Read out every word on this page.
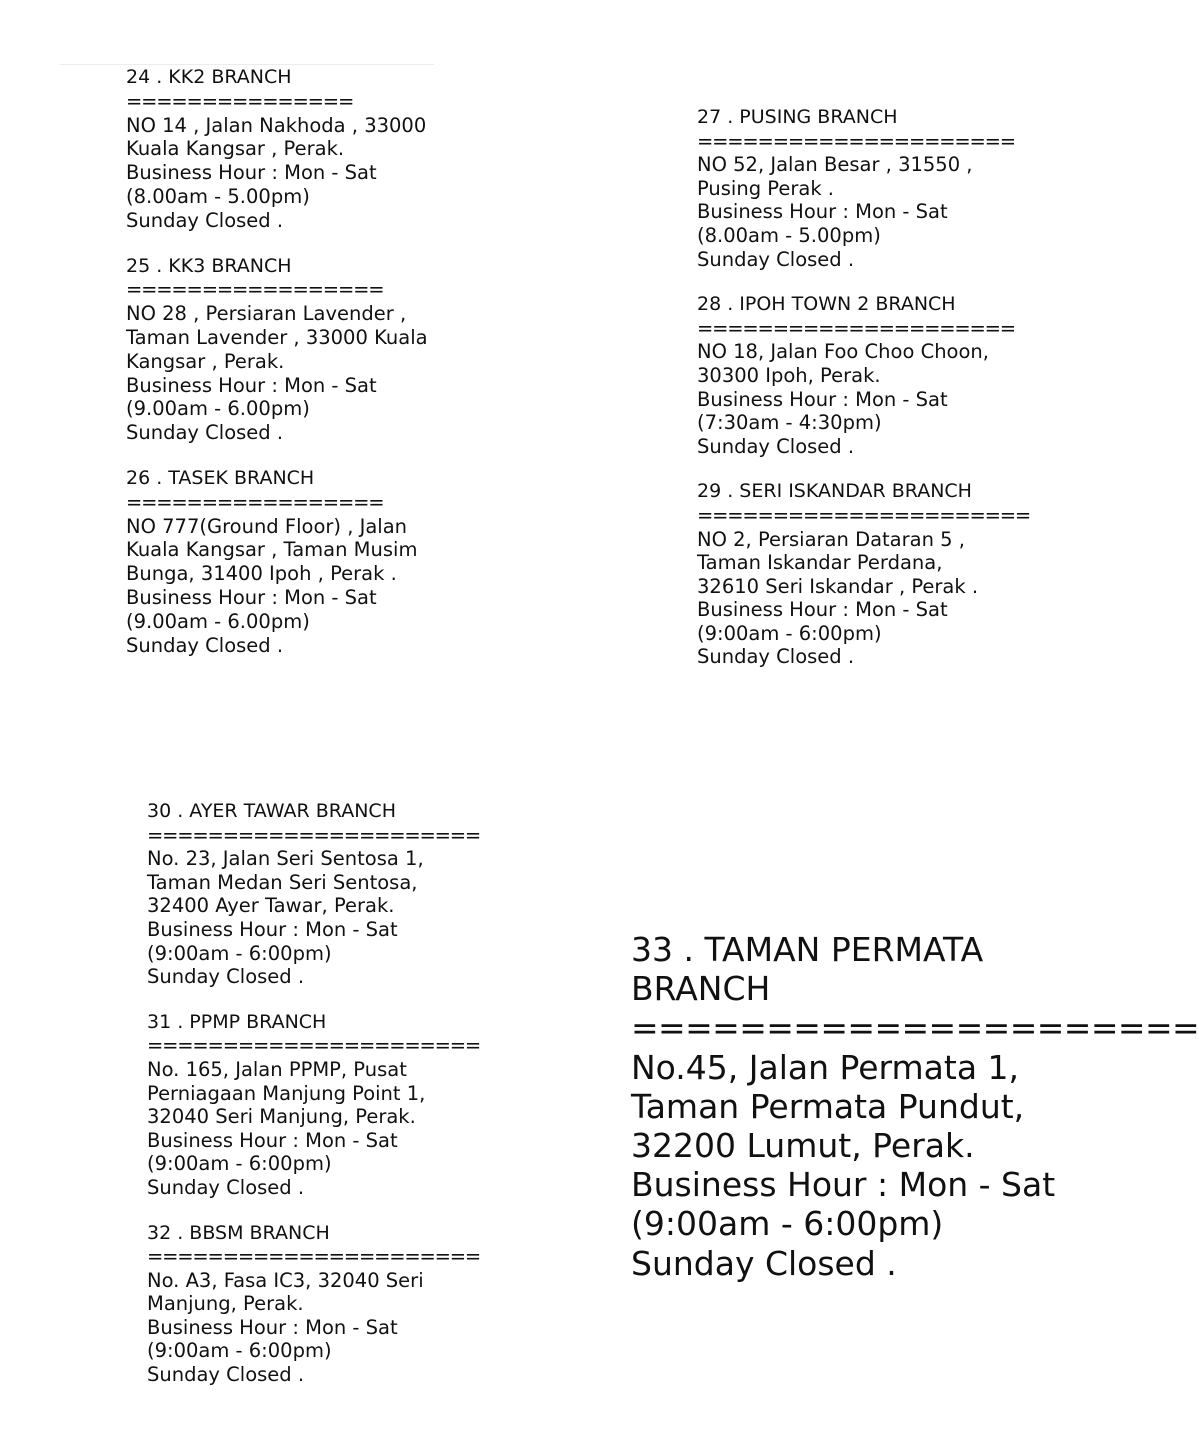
24 . KK2 BRANCH
===============
NO 14 , Jalan Nakhoda , 33000
Kuala Kangsar , Perak.
Business Hour : Mon - Sat
(8.00am - 5.00pm)
Sunday Closed .
25 . KK3 BRANCH
=================
NO 28 , Persiaran Lavender ,
Taman Lavender , 33000 Kuala
Kangsar , Perak.
Business Hour : Mon - Sat
(9.00am - 6.00pm)
Sunday Closed .
26 . TASEK BRANCH
=================
NO 777(Ground Floor) , Jalan
Kuala Kangsar , Taman Musim
Bunga, 31400 Ipoh , Perak .
Business Hour : Mon - Sat
(9.00am - 6.00pm)
Sunday Closed .
27 . PUSING BRANCH
=====================
NO 52, Jalan Besar , 31550 ,
Pusing Perak .
Business Hour : Mon - Sat
(8.00am - 5.00pm)
Sunday Closed .
28 . IPOH TOWN 2 BRANCH
=====================
NO 18, Jalan Foo Choo Choon,
30300 Ipoh, Perak.
Business Hour : Mon - Sat
(7:30am - 4:30pm)
Sunday Closed .
29 . SERI ISKANDAR BRANCH
======================
NO 2, Persiaran Dataran 5 ,
Taman Iskandar Perdana,
32610 Seri Iskandar , Perak .
Business Hour : Mon - Sat
(9:00am - 6:00pm)
Sunday Closed .
30 . AYER TAWAR BRANCH
======================
No. 23, Jalan Seri Sentosa 1,
Taman Medan Seri Sentosa,
32400 Ayer Tawar, Perak.
Business Hour : Mon - Sat
(9:00am - 6:00pm)
Sunday Closed .
31 . PPMP BRANCH
======================
No. 165, Jalan PPMP, Pusat
Perniagaan Manjung Point 1,
32040 Seri Manjung, Perak.
Business Hour : Mon - Sat
(9:00am - 6:00pm)
Sunday Closed .
32 . BBSM BRANCH
======================
No. A3, Fasa IC3, 32040 Seri
Manjung, Perak.
Business Hour : Mon - Sat
(9:00am - 6:00pm)
Sunday Closed .
33 . TAMAN PERMATA
BRANCH
=====================
No.45, Jalan Permata 1,
Taman Permata Pundut,
32200 Lumut, Perak.
Business Hour : Mon - Sat
(9:00am - 6:00pm)
Sunday Closed .
